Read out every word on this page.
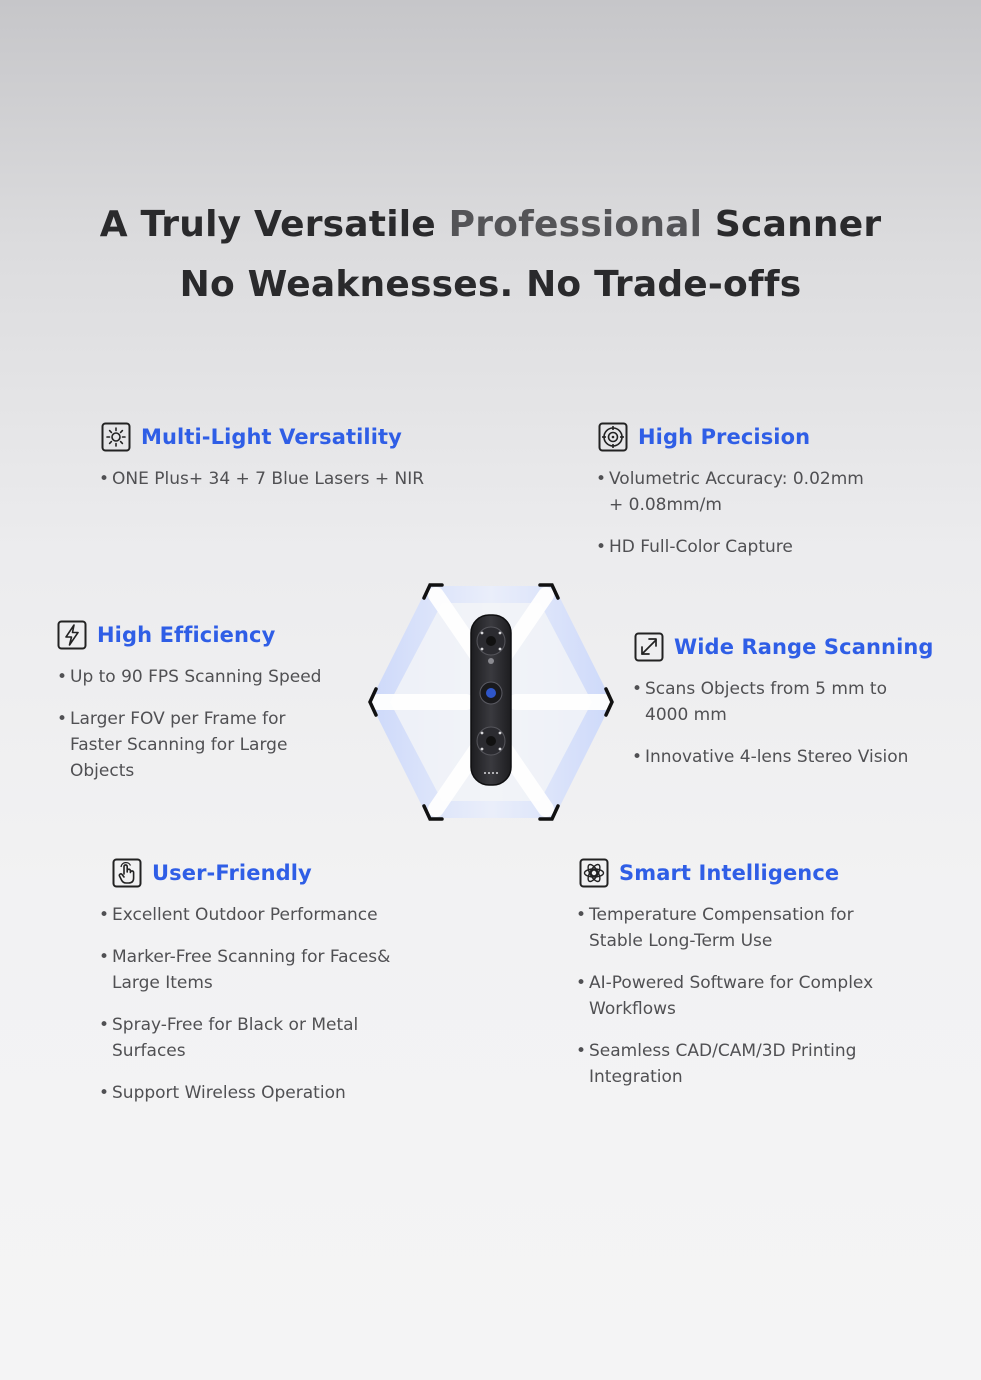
A Truly Versatile Professional Scanner
No Weaknesses. No Trade-offs
Multi-Light Versatility
• ONE Plus+ 34 + 7 Blue Lasers + NIR
High Precision
• Volumetric Accuracy: 0.02mm
+ 0.08mm/m
• HD Full-Color Capture
High Efficiency
• Up to 90 FPS Scanning Speed
• Larger FOV per Frame for
Faster Scanning for Large
Objects
Wide Range Scanning
• Scans Objects from 5 mm to
4000 mm
• Innovative 4-lens Stereo Vision
User-Friendly
• Excellent Outdoor Performance
• Marker-Free Scanning for Faces&
Large Items
• Spray-Free for Black or Metal
Surfaces
• Support Wireless Operation
Smart Intelligence
• Temperature Compensation for
Stable Long-Term Use
• AI-Powered Software for Complex
Workflows
• Seamless CAD/CAM/3D Printing
Integration
